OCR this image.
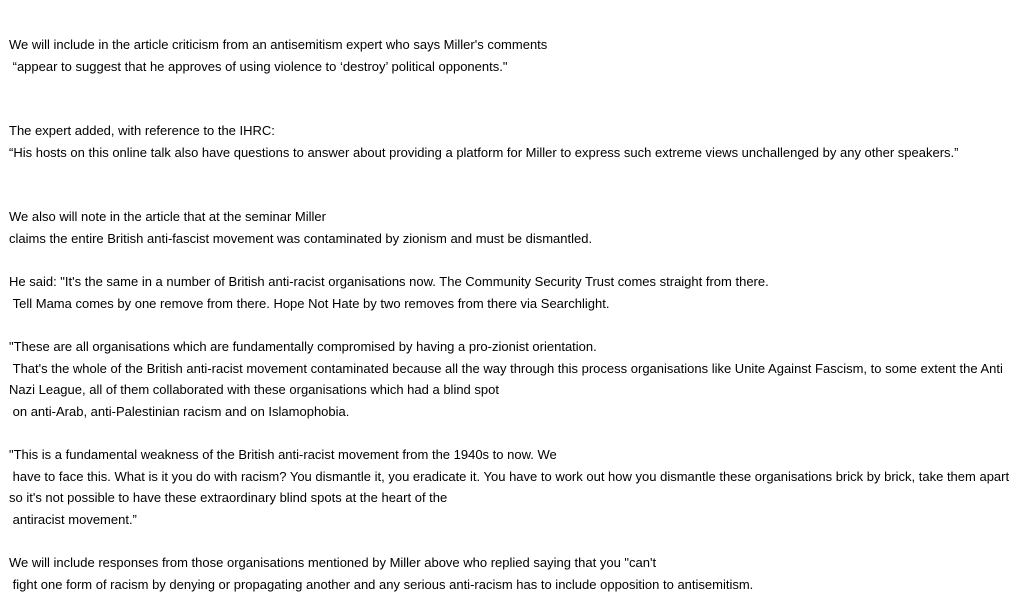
We will include in the article criticism from an antisemitism expert who says Miller's comments
“appear to suggest that he approves of using violence to ‘destroy’ political opponents."
The expert added, with reference to the IHRC:
“His hosts on this online talk also have questions to answer about providing a platform for Miller to express such extreme views unchallenged by any other speakers.”
We also will note in the article that at the seminar Miller
claims the entire British anti-fascist movement was contaminated by zionism and must be dismantled.
He said: "It's the same in a number of British anti-racist organisations now. The Community Security Trust comes straight from there.
Tell Mama comes by one remove from there. Hope Not Hate by two removes from there via Searchlight.
"These are all organisations which are fundamentally compromised by having a pro-zionist orientation.
That's the whole of the British anti-racist movement contaminated because all the way through this process organisations like Unite Against Fascism, to some extent the Anti Nazi League, all of them collaborated with these organisations which had a blind spot
on anti-Arab, anti-Palestinian racism and on Islamophobia.
"This is a fundamental weakness of the British anti-racist movement from the 1940s to now. We
have to face this. What is it you do with racism? You dismantle it, you eradicate it. You have to work out how you dismantle these organisations brick by brick, take them apart so it's not possible to have these extraordinary blind spots at the heart of the
antiracist movement.”
We will include responses from those organisations mentioned by Miller above who replied saying that you "can't
fight one form of racism by denying or propagating another and any serious anti-racism has to include opposition to antisemitism.
